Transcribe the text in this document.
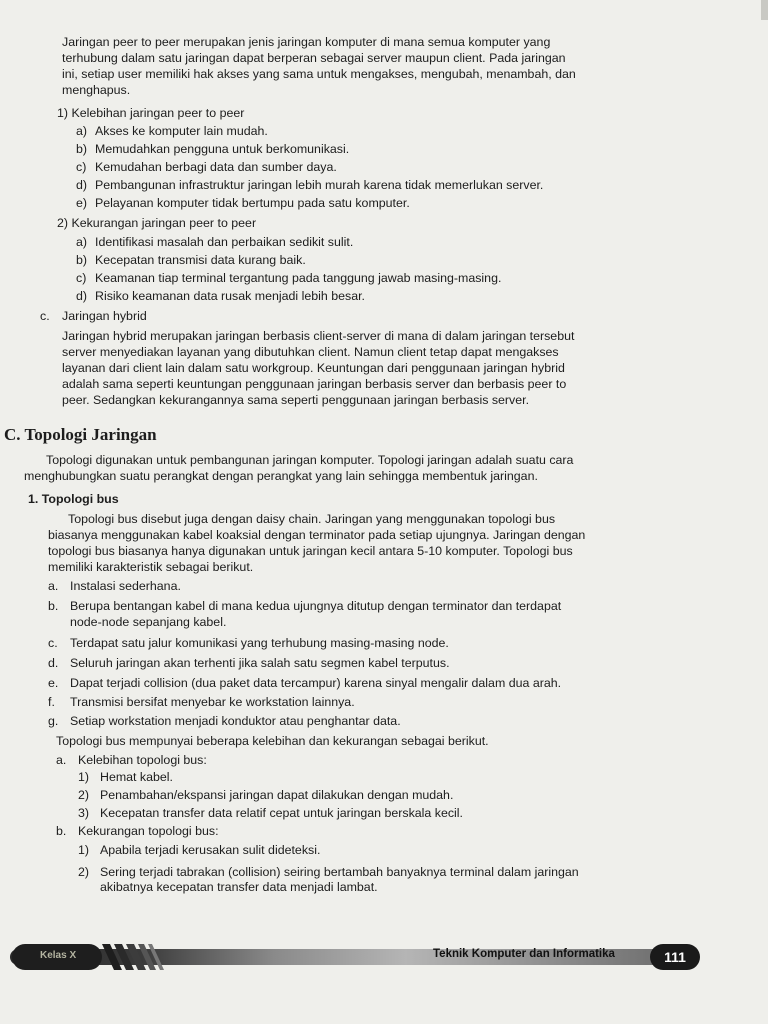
Jaringan peer to peer merupakan jenis jaringan komputer di mana semua komputer yang
terhubung dalam satu jaringan dapat berperan sebagai server maupun client. Pada jaringan
ini, setiap user memiliki hak akses yang sama untuk mengakses, mengubah, menambah, dan
menghapus.
1) Kelebihan jaringan peer to peer
a) Akses ke komputer lain mudah.
b) Memudahkan pengguna untuk berkomunikasi.
c) Kemudahan berbagi data dan sumber daya.
d) Pembangunan infrastruktur jaringan lebih murah karena tidak memerlukan server.
e) Pelayanan komputer tidak bertumpu pada satu komputer.
2) Kekurangan jaringan peer to peer
a) Identifikasi masalah dan perbaikan sedikit sulit.
b) Kecepatan transmisi data kurang baik.
c) Keamanan tiap terminal tergantung pada tanggung jawab masing-masing.
d) Risiko keamanan data rusak menjadi lebih besar.
c. Jaringan hybrid
Jaringan hybrid merupakan jaringan berbasis client-server di mana di dalam jaringan tersebut
server menyediakan layanan yang dibutuhkan client. Namun client tetap dapat mengakses
layanan dari client lain dalam satu workgroup. Keuntungan dari penggunaan jaringan hybrid
adalah sama seperti keuntungan penggunaan jaringan berbasis server dan berbasis peer to
peer. Sedangkan kekurangannya sama seperti penggunaan jaringan berbasis server.
C. Topologi Jaringan
Topologi digunakan untuk pembangunan jaringan komputer. Topologi jaringan adalah suatu cara
menghubungkan suatu perangkat dengan perangkat yang lain sehingga membentuk jaringan.
1. Topologi bus
Topologi bus disebut juga dengan daisy chain. Jaringan yang menggunakan topologi bus
biasanya menggunakan kabel koaksial dengan terminator pada setiap ujungnya. Jaringan dengan
topologi bus biasanya hanya digunakan untuk jaringan kecil antara 5-10 komputer. Topologi bus
memiliki karakteristik sebagai berikut.
a. Instalasi sederhana.
b. Berupa bentangan kabel di mana kedua ujungnya ditutup dengan terminator dan terdapat
node-node sepanjang kabel.
c. Terdapat satu jalur komunikasi yang terhubung masing-masing node.
d. Seluruh jaringan akan terhenti jika salah satu segmen kabel terputus.
e. Dapat terjadi collision (dua paket data tercampur) karena sinyal mengalir dalam dua arah.
f. Transmisi bersifat menyebar ke workstation lainnya.
g. Setiap workstation menjadi konduktor atau penghantar data.
Topologi bus mempunyai beberapa kelebihan dan kekurangan sebagai berikut.
a. Kelebihan topologi bus:
1) Hemat kabel.
2) Penambahan/ekspansi jaringan dapat dilakukan dengan mudah.
3) Kecepatan transfer data relatif cepat untuk jaringan berskala kecil.
b. Kekurangan topologi bus:
1) Apabila terjadi kerusakan sulit dideteksi.
2) Sering terjadi tabrakan (collision) seiring bertambah banyaknya terminal dalam jaringan
akibatnya kecepatan transfer data menjadi lambat.
Kelas X	Teknik Komputer dan Informatika	111
